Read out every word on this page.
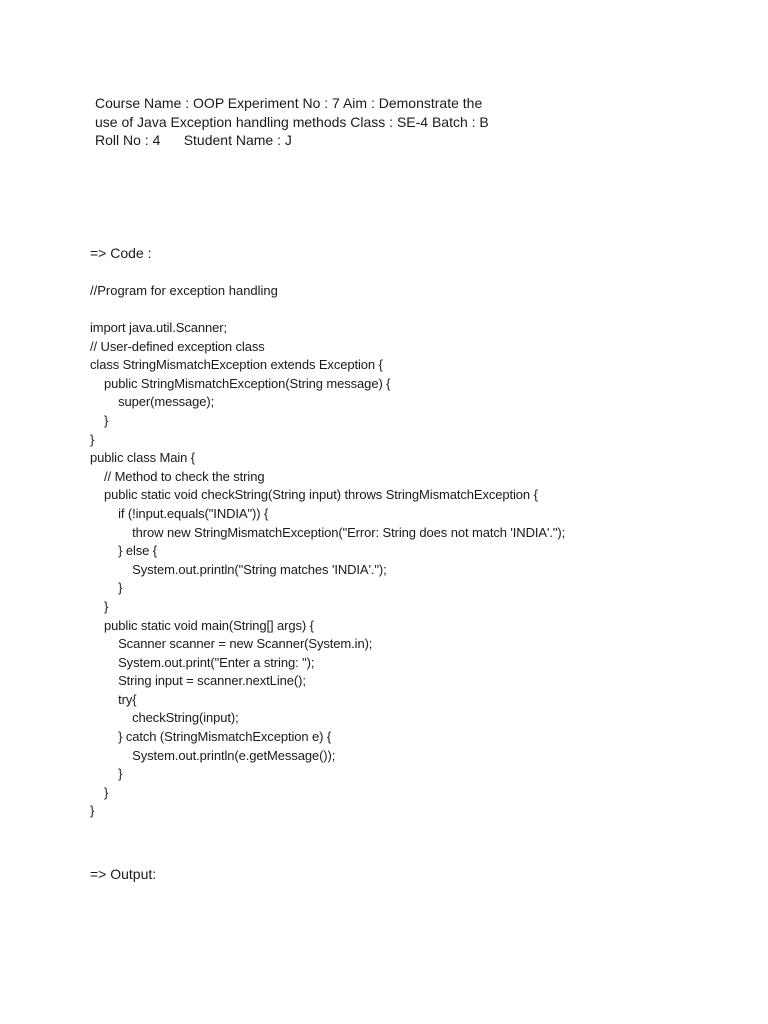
Course Name : OOP Experiment No : 7 Aim : Demonstrate the
use of Java Exception handling methods Class : SE-4 Batch : B
Roll No : 4      Student Name : J
=> Code :
//Program for exception handling
import java.util.Scanner;
// User-defined exception class
class StringMismatchException extends Exception {
public StringMismatchException(String message) {
super(message);
}
}
public class Main {
// Method to check the string
public static void checkString(String input) throws StringMismatchException {
if (!input.equals("INDIA")) {
throw new StringMismatchException("Error: String does not match 'INDIA'.");
} else {
System.out.println("String matches 'INDIA'.");
}
}
public static void main(String[] args) {
Scanner scanner = new Scanner(System.in);
System.out.print("Enter a string: ");
String input = scanner.nextLine();
try{
checkString(input);
} catch (StringMismatchException e) {
System.out.println(e.getMessage());
}
}
}
=> Output:
